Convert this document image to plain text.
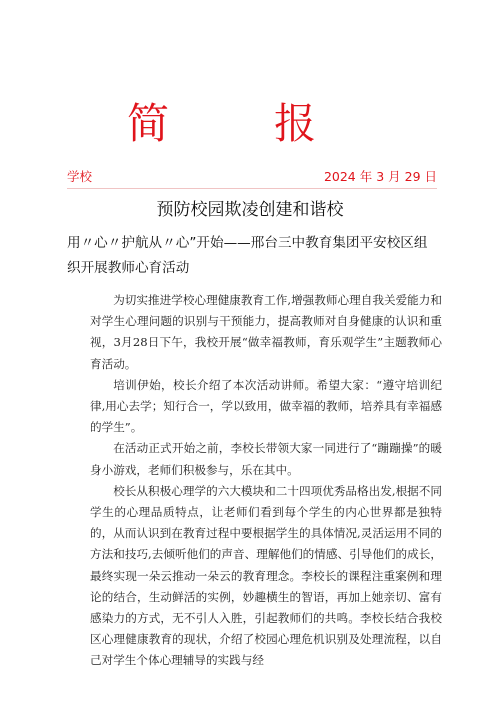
简 报
学校	2024 年 3 月 29 日
预防校园欺凌创建和谐校
用〃心〃护航从〃心”开始——邢台三中教育集团平安校区组织开展教师心育活动

为切实推进学校心理健康教育工作,增强教师心理自我关爱能力和对学生心理问题的识别与干预能力，提高教师对自身健康的认识和重视，3月28日下午，我校开展“做幸福教师，育乐观学生”主题教师心育活动。

培训伊始，校长介绍了本次活动讲师。希望大家：“遵守培训纪律,用心去学；知行合一，学以致用，做幸福的教师，培养具有幸福感的学生”。

在活动正式开始之前，李校长带领大家一同进行了“蹦蹦操”的暖身小游戏，老师们积极参与，乐在其中。

校长从积极心理学的六大模块和二十四项优秀品格出发,根据不同学生的心理品质特点，让老师们看到每个学生的内心世界都是独特的，从而认识到在教育过程中要根据学生的具体情况,灵活运用不同的方法和技巧,去倾听他们的声音、理解他们的情感、引导他们的成长，最终实现一朵云推动一朵云的教育理念。李校长的课程注重案例和理论的结合，生动鲜活的实例，妙趣横生的智语，再加上她亲切、富有感染力的方式，无不引人入胜，引起教师们的共鸣。李校长结合我校区心理健康教育的现状，介绍了校园心理危机识别及处理流程，以自己对学生个体心理辅导的实践与经
